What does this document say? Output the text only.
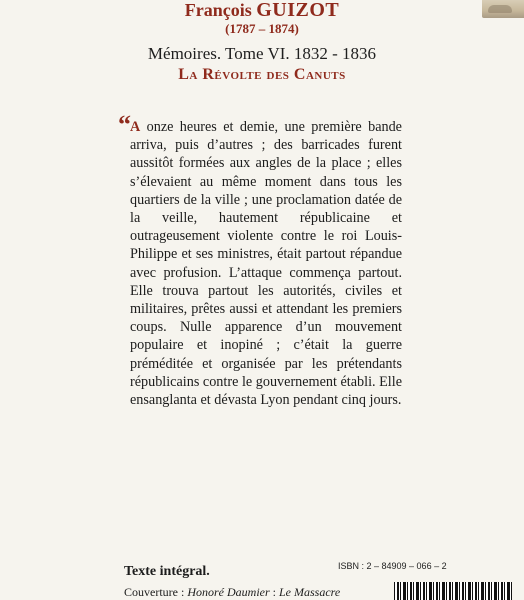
François GUIZOT
(1787 – 1874)
Mémoires. Tome VI. 1832 - 1836
La Révolte des Canuts
“ A onze heures et demie, une première bande arriva, puis d’autres ; des barricades furent aussitôt formées aux angles de la place ; elles s’élevaient au même moment dans tous les quartiers de la ville ; une proclamation datée de la veille, hautement républicaine et outrageusement violente contre le roi Louis-Philippe et ses ministres, était partout répandue avec profusion. L’attaque commença partout. Elle trouva partout les autorités, civiles et militaires, prêtes aussi et attendant les premiers coups. Nulle apparence d’un mouvement populaire et inopiné ; c’était la guerre préméditée et organisée par les prétendants républicains contre le gouvernement établi. Elle ensanglanta et dévasta Lyon pendant cinq jours.
Texte intégral.
Couverture : Honoré Daumier : Le Massacre
ISBN : 2 – 84909 – 066 – 2
